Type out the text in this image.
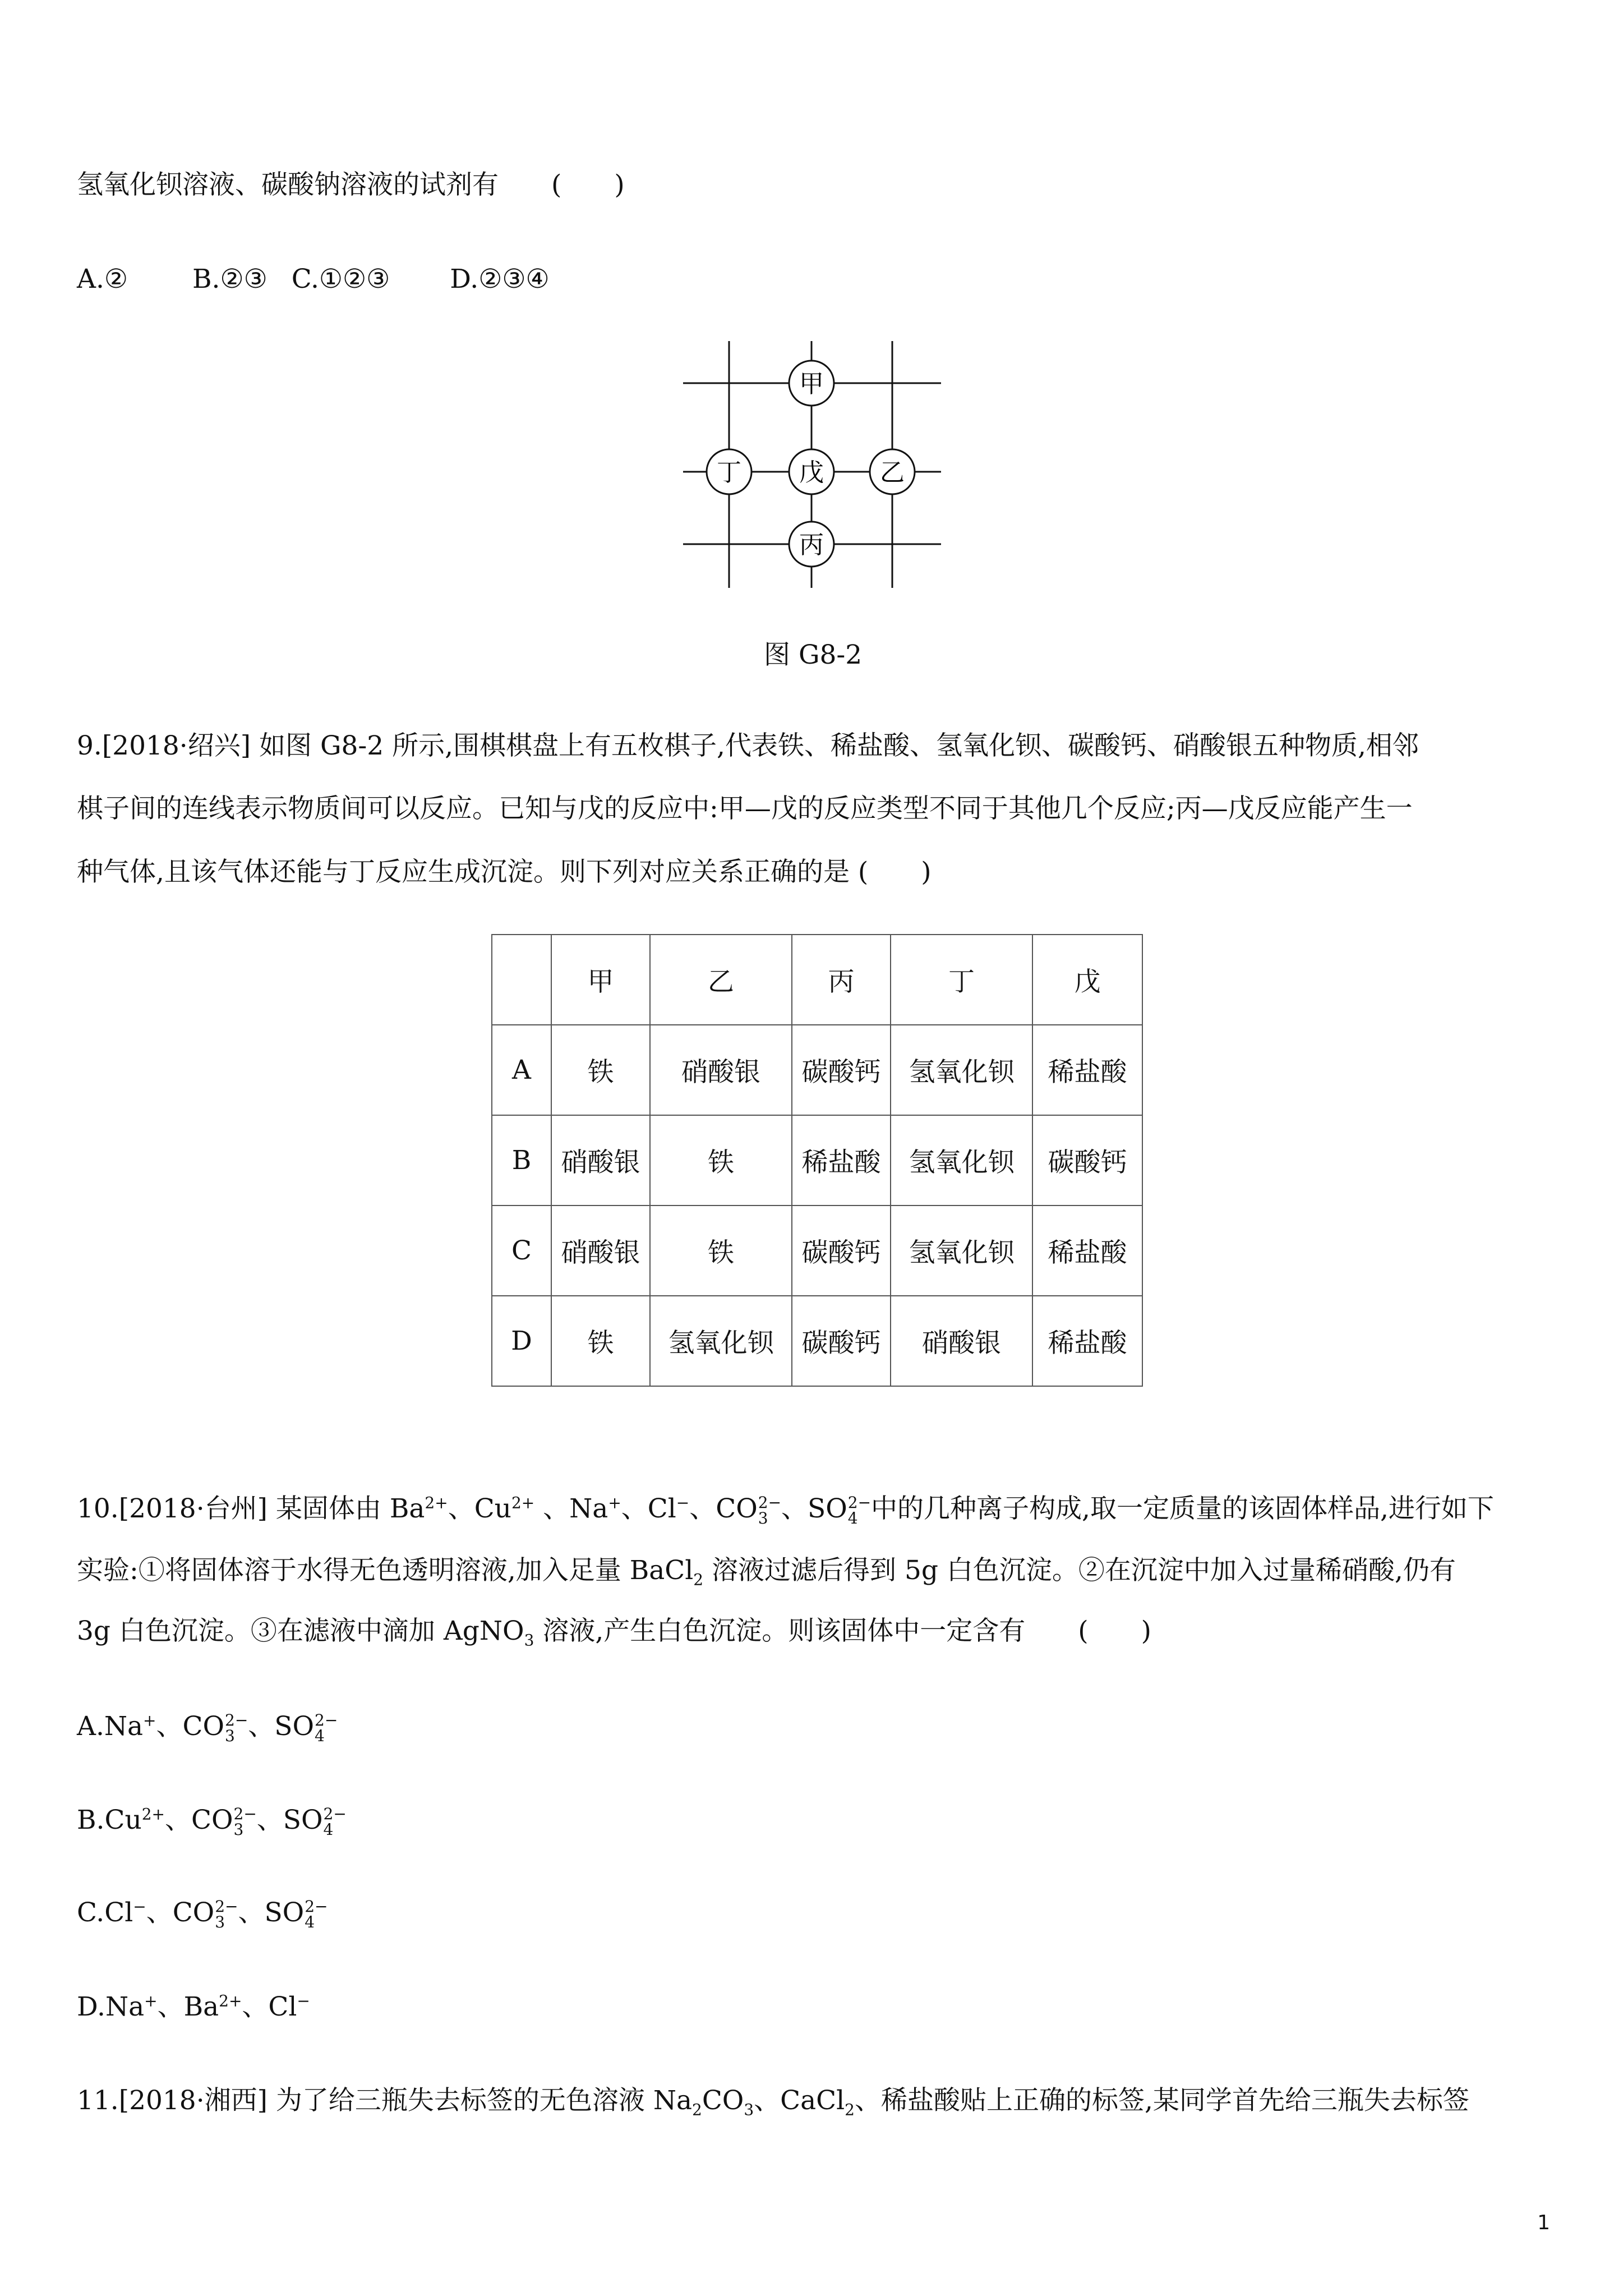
氢氧化钡溶液、碳酸钠溶液的试剂有　　(　　)
A.② B.②③ C.①②③ D.②③④
甲
丁 戊 乙
丙
图 G8-2
9.[2018·绍兴] 如图 G8-2 所示,围棋棋盘上有五枚棋子,代表铁、稀盐酸、氢氧化钡、碳酸钙、硝酸银五种物质,相邻
棋子间的连线表示物质间可以反应。已知与戊的反应中:甲—戊的反应类型不同于其他几个反应;丙—戊反应能产生一
种气体,且该气体还能与丁反应生成沉淀。则下列对应关系正确的是 (　　)
	甲	乙	丙	丁	戊
A	铁	硝酸银	碳酸钙	氢氧化钡	稀盐酸
B	硝酸银	铁	稀盐酸	氢氧化钡	碳酸钙
C	硝酸银	铁	碳酸钙	氢氧化钡	稀盐酸
D	铁	氢氧化钡	碳酸钙	硝酸银	稀盐酸
10.[2018·台州] 某固体由 $Ba^{2+}$、$Cu^{2+}$ 、Na+、Cl−、CO 2−
3 、SO 2−
4 中的几种离子构成,取一定质量的该固体样品,进行如下
实验:①将固体溶于水得无色透明溶液,加入足量 BaCl$_2$ 溶液过滤后得到 5g 白色沉淀。②在沉淀中加入过量稀硝酸,仍有
3g 白色沉淀。③在滤液中滴加 AgNO$_3$ 溶液,产生白色沉淀。则该固体中一定含有　　(　　)
A.Na+、CO 2−
3 、SO 2−
4
$B.Cu^{2+}$、CO 2−
3 、SO 2−
4
C.Cl−、CO 2−
3 、SO 2−
4
D.Na+、$Ba^{2+}$、Cl−
11.[2018·湘西] 为了给三瓶失去标签的无色溶液 $Na_2CO_3$、CaCl$_2$、稀盐酸贴上正确的标签,某同学首先给三瓶失去标签
1
